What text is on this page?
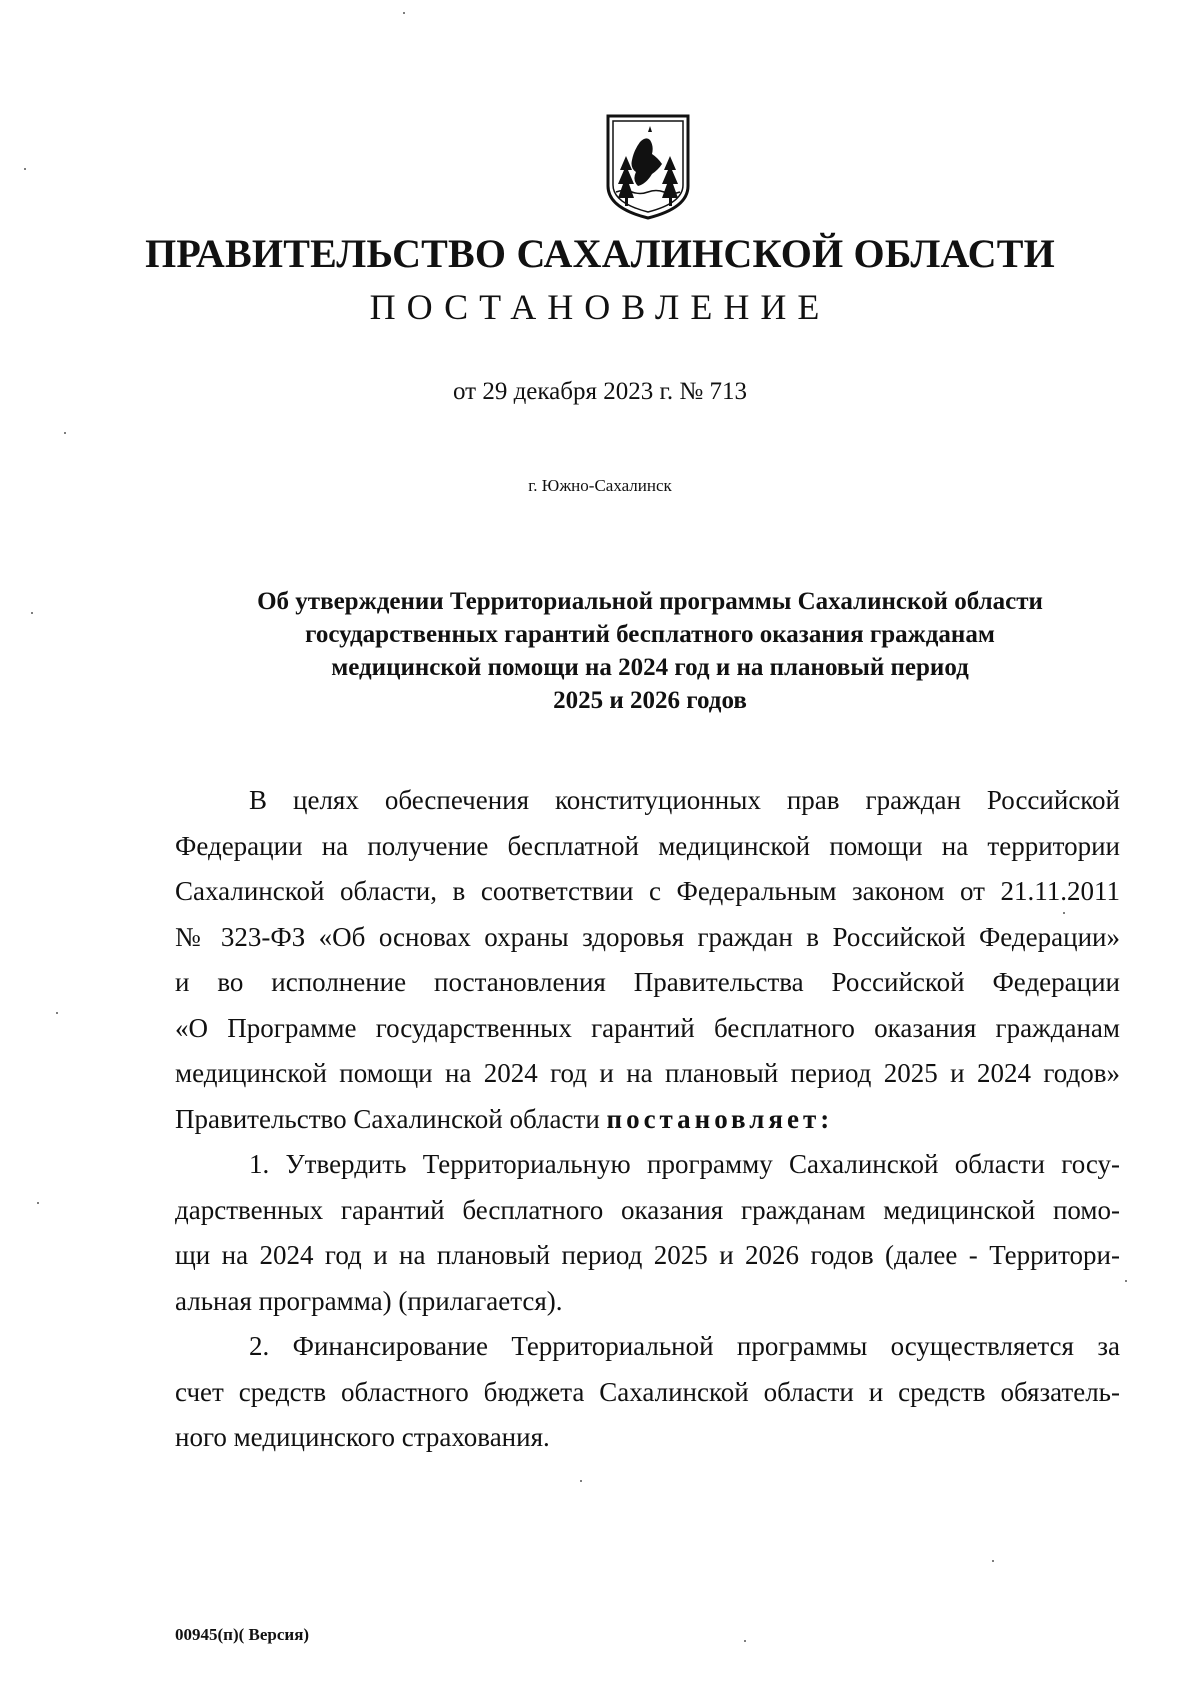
ПРАВИТЕЛЬСТВО САХАЛИНСКОЙ ОБЛАСТИ
ПОСТАНОВЛЕНИЕ
от 29 декабря 2023 г. № 713
г. Южно-Сахалинск
Об утверждении Территориальной программы Сахалинской области
государственных гарантий бесплатного оказания гражданам
медицинской помощи на 2024 год и на плановый период
2025 и 2026 годов
В целях обеспечения конституционных прав граждан Российской
Федерации на получение бесплатной медицинской помощи на территории
Сахалинской области, в соответствии с Федеральным законом от 21.11.2011
№ 323-ФЗ «Об основах охраны здоровья граждан в Российской Федерации»
и во исполнение постановления Правительства Российской Федерации
«О Программе государственных гарантий бесплатного оказания гражданам
медицинской помощи на 2024 год и на плановый период 2025 и 2024 годов»
Правительство Сахалинской области постановляет:
1. Утвердить Территориальную программу Сахалинской области госу-
дарственных гарантий бесплатного оказания гражданам медицинской помо-
щи на 2024 год и на плановый период 2025 и 2026 годов (далее - Территори-
альная программа) (прилагается).
2. Финансирование Территориальной программы осуществляется за
счет средств областного бюджета Сахалинской области и средств обязатель-
ного медицинского страхования.
00945(п)( Версия)
